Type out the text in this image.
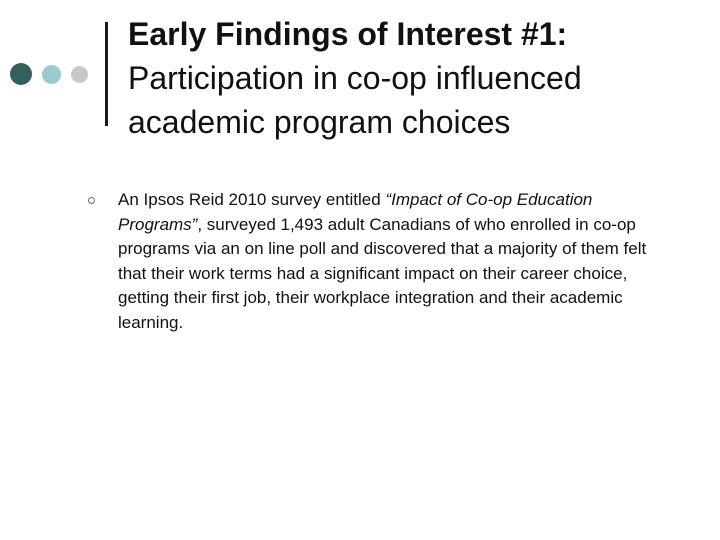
Early Findings of Interest #1:
Participation in co-op influenced academic program choices
An Ipsos Reid 2010 survey entitled “Impact of Co-op Education Programs”, surveyed 1,493 adult Canadians of who enrolled in co-op programs via an on line poll and discovered that a majority of them felt that their work terms had a significant impact on their career choice, getting their first job, their workplace integration and their academic learning.
